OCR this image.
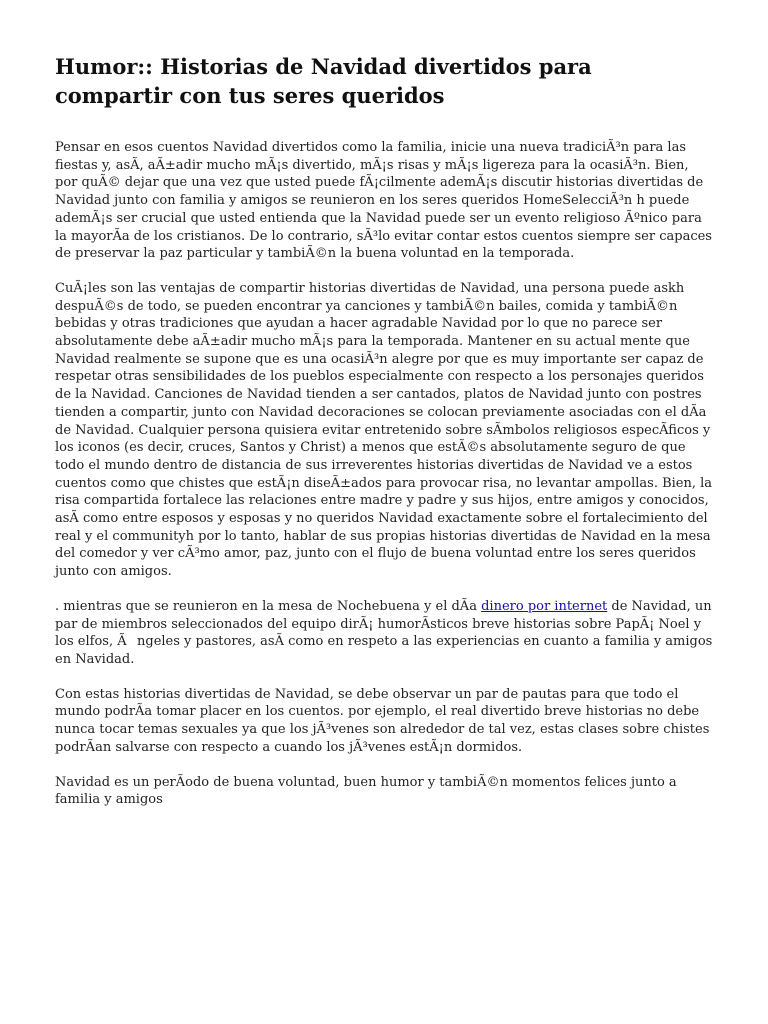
Humor:: Historias de Navidad divertidos para compartir con tus seres queridos

Pensar en esos cuentos Navidad divertidos como la familia, inicie una nueva tradiciÃ³n para las fiestas y, asÃ, aÃ±adir mucho mÃ¡s divertido, mÃ¡s risas y mÃ¡s ligereza para la ocasiÃ³n. Bien, por quÃ© dejar que una vez que usted puede fÃ¡cilmente ademÃ¡s discutir historias divertidas de Navidad junto con familia y amigos se reunieron en los seres queridos HomeSelecciÃ³n h puede ademÃ¡s ser crucial que usted entienda que la Navidad puede ser un evento religioso Ãºnico para la mayorÃa de los cristianos. De lo contrario, sÃ³lo evitar contar estos cuentos siempre ser capaces de preservar la paz particular y tambiÃ©n la buena voluntad en la temporada.

CuÃ¡les son las ventajas de compartir historias divertidas de Navidad, una persona puede askh despuÃ©s de todo, se pueden encontrar ya canciones y tambiÃ©n bailes, comida y tambiÃ©n bebidas y otras tradiciones que ayudan a hacer agradable Navidad por lo que no parece ser absolutamente debe aÃ±adir mucho mÃ¡s para la temporada. Mantener en su actual mente que Navidad realmente se supone que es una ocasiÃ³n alegre por que es muy importante ser capaz de respetar otras sensibilidades de los pueblos especialmente con respecto a los personajes queridos de la Navidad. Canciones de Navidad tienden a ser cantados, platos de Navidad junto con postres tienden a compartir, junto con Navidad decoraciones se colocan previamente asociadas con el dÃa de Navidad. Cualquier persona quisiera evitar entretenido sobre sÃmbolos religiosos especÃficos y los iconos (es decir, cruces, Santos y Christ) a menos que estÃ©s absolutamente seguro de que todo el mundo dentro de distancia de sus irreverentes historias divertidas de Navidad ve a estos cuentos como que chistes que estÃ¡n diseÃ±ados para provocar risa, no levantar ampollas. Bien, la risa compartida fortalece las relaciones entre madre y padre y sus hijos, entre amigos y conocidos, asÃ como entre esposos y esposas y no queridos Navidad exactamente sobre el fortalecimiento del real y el communityh por lo tanto, hablar de sus propias historias divertidas de Navidad en la mesa del comedor y ver cÃ³mo amor, paz, junto con el flujo de buena voluntad entre los seres queridos junto con amigos.

. mientras que se reunieron en la mesa de Nochebuena y el dÃa dinero por internet de Navidad, un par de miembros seleccionados del equipo dirÃ¡ humorÃsticos breve historias sobre PapÃ¡ Noel y los elfos, Ãngeles y pastores, asÃ como en respeto a las experiencias en cuanto a familia y amigos en Navidad.

Con estas historias divertidas de Navidad, se debe observar un par de pautas para que todo el mundo podrÃa tomar placer en los cuentos. por ejemplo, el real divertido breve historias no debe nunca tocar temas sexuales ya que los jÃ³venes son alrededor de tal vez, estas clases sobre chistes podrÃan salvarse con respecto a cuando los jÃ³venes estÃ¡n dormidos.

Navidad es un perÃodo de buena voluntad, buen humor y tambiÃ©n momentos felices junto a familia y amigos
